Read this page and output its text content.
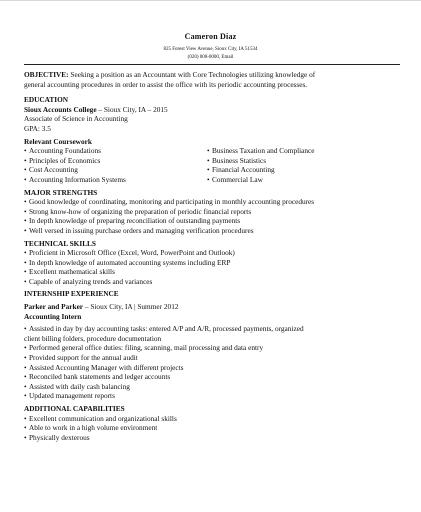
Cameron Diaz
825 Forest View Avenue, Sioux City, IA 51534
(020) 000-0000, Email
OBJECTIVE: Seeking a position as an Accountant with Core Technologies utilizing knowledge of
general accounting procedures in order to assist the office with its periodic accounting processes.
EDUCATION
Sioux Accounts College – Sioux City, IA – 2015
Associate of Science in Accounting
GPA: 3.5
Relevant Coursework
• Accounting Foundations
• Principles of Economics
• Cost Accounting
• Accounting Information Systems
• Business Taxation and Compliance
• Business Statistics
• Financial Accounting
• Commercial Law
MAJOR STRENGTHS
• Good knowledge of coordinating, monitoring and participating in monthly accounting procedures
• Strong know-how of organizing the preparation of periodic financial reports
• In depth knowledge of preparing reconciliation of outstanding payments
• Well versed in issuing purchase orders and managing verification procedures
TECHNICAL SKILLS
• Proficient in Microsoft Office (Excel, Word, PowerPoint and Outlook)
• In depth knowledge of automated accounting systems including ERP
• Excellent mathematical skills
• Capable of analyzing trends and variances
INTERNSHIP EXPERIENCE
Parker and Parker – Sioux City, IA | Summer 2012
Accounting Intern
• Assisted in day by day accounting tasks: entered A/P and A/R, processed payments, organized
client billing folders, procedure documentation
• Performed general office duties: filing, scanning, mail processing and data entry
• Provided support for the annual audit
• Assisted Accounting Manager with different projects
• Reconciled bank statements and ledger accounts
• Assisted with daily cash balancing
• Updated management reports
ADDITIONAL CAPABILITIES
• Excellent communication and organizational skills
• Able to work in a high volume environment
• Physically dexterous
